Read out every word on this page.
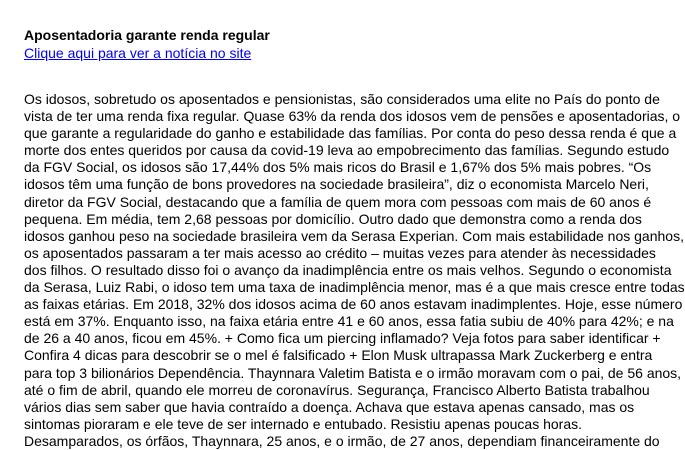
Aposentadoria garante renda regular
Clique aqui para ver a notícia no site

Os idosos, sobretudo os aposentados e pensionistas, são considerados uma elite no País do ponto de

vista de ter uma renda fixa regular. Quase 63% da renda dos idosos vem de pensões e aposentadorias, o

que garante a regularidade do ganho e estabilidade das famílias. Por conta do peso dessa renda é que a

morte dos entes queridos por causa da covid-19 leva ao empobrecimento das famílias. Segundo estudo

da FGV Social, os idosos são 17,44% dos 5% mais ricos do Brasil e 1,67% dos 5% mais pobres. “Os

idosos têm uma função de bons provedores na sociedade brasileira”, diz o economista Marcelo Neri,

diretor da FGV Social, destacando que a família de quem mora com pessoas com mais de 60 anos é

pequena. Em média, tem 2,68 pessoas por domicílio. Outro dado que demonstra como a renda dos

idosos ganhou peso na sociedade brasileira vem da Serasa Experian. Com mais estabilidade nos ganhos,

os aposentados passaram a ter mais acesso ao crédito – muitas vezes para atender às necessidades

dos filhos. O resultado disso foi o avanço da inadimplência entre os mais velhos. Segundo o economista

da Serasa, Luiz Rabi, o idoso tem uma taxa de inadimplência menor, mas é a que mais cresce entre todas

as faixas etárias. Em 2018, 32% dos idosos acima de 60 anos estavam inadimplentes. Hoje, esse número

está em 37%. Enquanto isso, na faixa etária entre 41 e 60 anos, essa fatia subiu de 40% para 42%; e na

de 26 a 40 anos, ficou em 45%. + Como fica um piercing inflamado? Veja fotos para saber identificar +

Confira 4 dicas para descobrir se o mel é falsificado + Elon Musk ultrapassa Mark Zuckerberg e entra

para top 3 bilionários Dependência. Thaynnara Valetim Batista e o irmão moravam com o pai, de 56 anos,

até o fim de abril, quando ele morreu de coronavírus. Segurança, Francisco Alberto Batista trabalhou

vários dias sem saber que havia contraído a doença. Achava que estava apenas cansado, mas os

sintomas pioraram e ele teve de ser internado e entubado. Resistiu apenas poucas horas.

Desamparados, os órfãos, Thaynnara, 25 anos, e o irmão, de 27 anos, dependiam financeiramente do
